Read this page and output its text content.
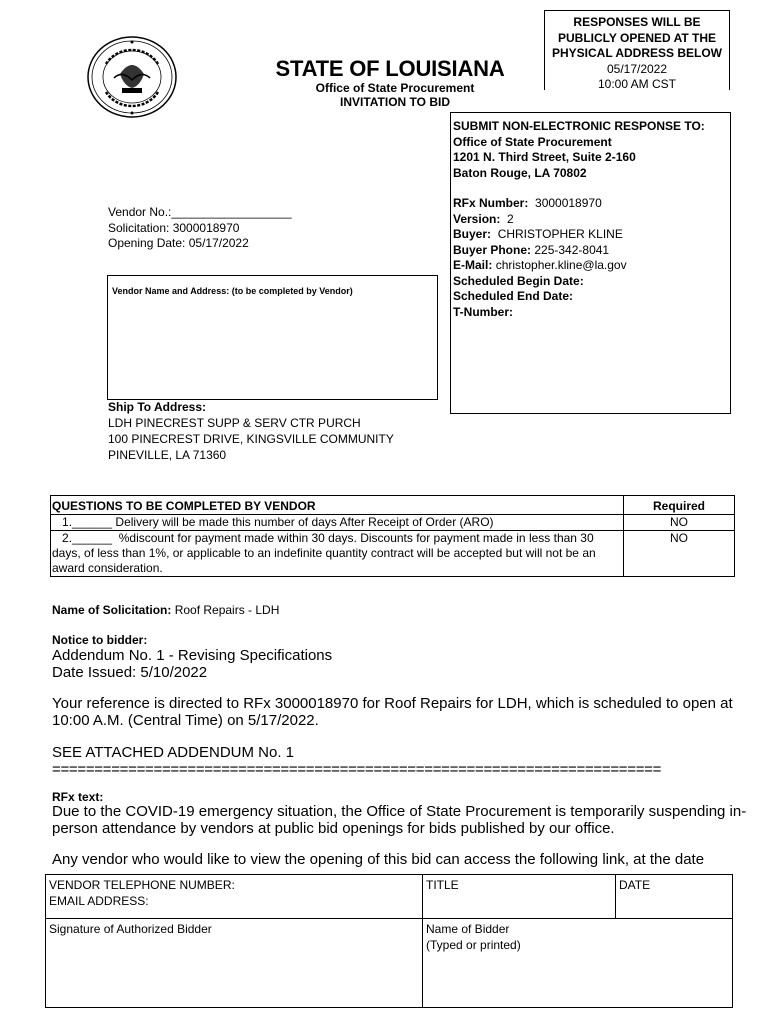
STATE OF LOUISIANA
Office of State Procurement
INVITATION TO BID
RESPONSES WILL BE
PUBLICLY OPENED AT THE
PHYSICAL ADDRESS BELOW
05/17/2022
10:00 AM CST
SUBMIT NON-ELECTRONIC RESPONSE TO:
Office of State Procurement
1201 N. Third Street, Suite 2-160
Baton Rouge, LA 70802
RFx Number: 3000018970
Version: 2
Buyer: CHRISTOPHER KLINE
Buyer Phone: 225-342-8041
E-Mail: christopher.kline@la.gov
Scheduled Begin Date:
Scheduled End Date:
T-Number:
Vendor No.:__________________
Solicitation: 3000018970
Opening Date: 05/17/2022
Vendor Name and Address: (to be completed by Vendor)
Ship To Address:
LDH PINECREST SUPP & SERV CTR PURCH
100 PINECREST DRIVE, KINGSVILLE COMMUNITY
PINEVILLE, LA 71360
QUESTIONS TO BE COMPLETED BY VENDOR	Required
1.______ Delivery will be made this number of days After Receipt of Order (ARO)	NO
2.______  %discount for payment made within 30 days. Discounts for payment made in less than 30 days, of less than 1%, or applicable to an indefinite quantity contract will be accepted but will not be an award consideration.	NO
Name of Solicitation: Roof Repairs - LDH
Notice to bidder:

Addendum No. 1 - Revising Specifications

Date Issued: 5/10/2022

Your reference is directed to RFx 3000018970 for Roof Repairs for LDH, which is scheduled to open at 10:00 A.M. (Central Time) on 5/17/2022.

SEE ATTACHED ADDENDUM No. 1

========================================================================

RFx text:

Due to the COVID-19 emergency situation, the Office of State Procurement is temporarily suspending in-person attendance by vendors at public bid openings for bids published by our office.

Any vendor who would like to view the opening of this bid can access the following link, at the date

VENDOR TELEPHONE NUMBER:
EMAIL ADDRESS:	TITLE	DATE

Signature of Authorized Bidder	Name of Bidder
(Typed or printed)	
